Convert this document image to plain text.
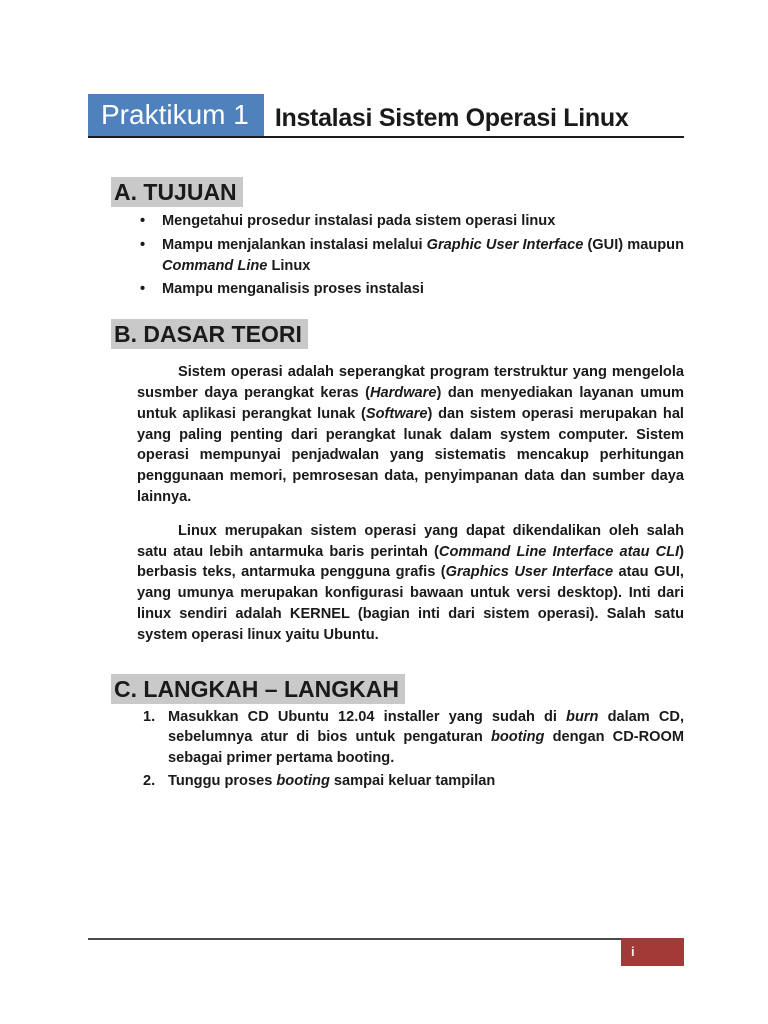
Praktikum 1	Instalasi Sistem Operasi Linux
A. TUJUAN
• Mengetahui prosedur instalasi pada sistem operasi linux
• Mampu menjalankan instalasi melalui Graphic User Interface (GUI) maupun Command Line Linux
• Mampu menganalisis proses instalasi
B. DASAR TEORI

Sistem operasi adalah seperangkat program terstruktur yang mengelola susmber daya perangkat keras (Hardware) dan menyediakan layanan umum untuk aplikasi perangkat lunak (Software) dan sistem operasi merupakan hal yang paling penting dari perangkat lunak dalam system computer. Sistem operasi mempunyai penjadwalan yang sistematis mencakup perhitungan penggunaan memori, pemrosesan data, penyimpanan data dan sumber daya lainnya.

Linux merupakan sistem operasi yang dapat dikendalikan oleh salah satu atau lebih antarmuka baris perintah (Command Line Interface atau CLI) berbasis teks, antarmuka pengguna grafis (Graphics User Interface atau GUI, yang umunya merupakan konfigurasi bawaan untuk versi desktop). Inti dari linux sendiri adalah KERNEL (bagian inti dari sistem operasi). Salah satu system operasi linux yaitu Ubuntu.

C. LANGKAH – LANGKAH
1. Masukkan CD Ubuntu 12.04 installer yang sudah di burn dalam CD, sebelumnya atur di bios untuk pengaturan booting dengan CD-ROOM sebagai primer pertama booting.
2. Tunggu proses booting sampai keluar tampilan
i
